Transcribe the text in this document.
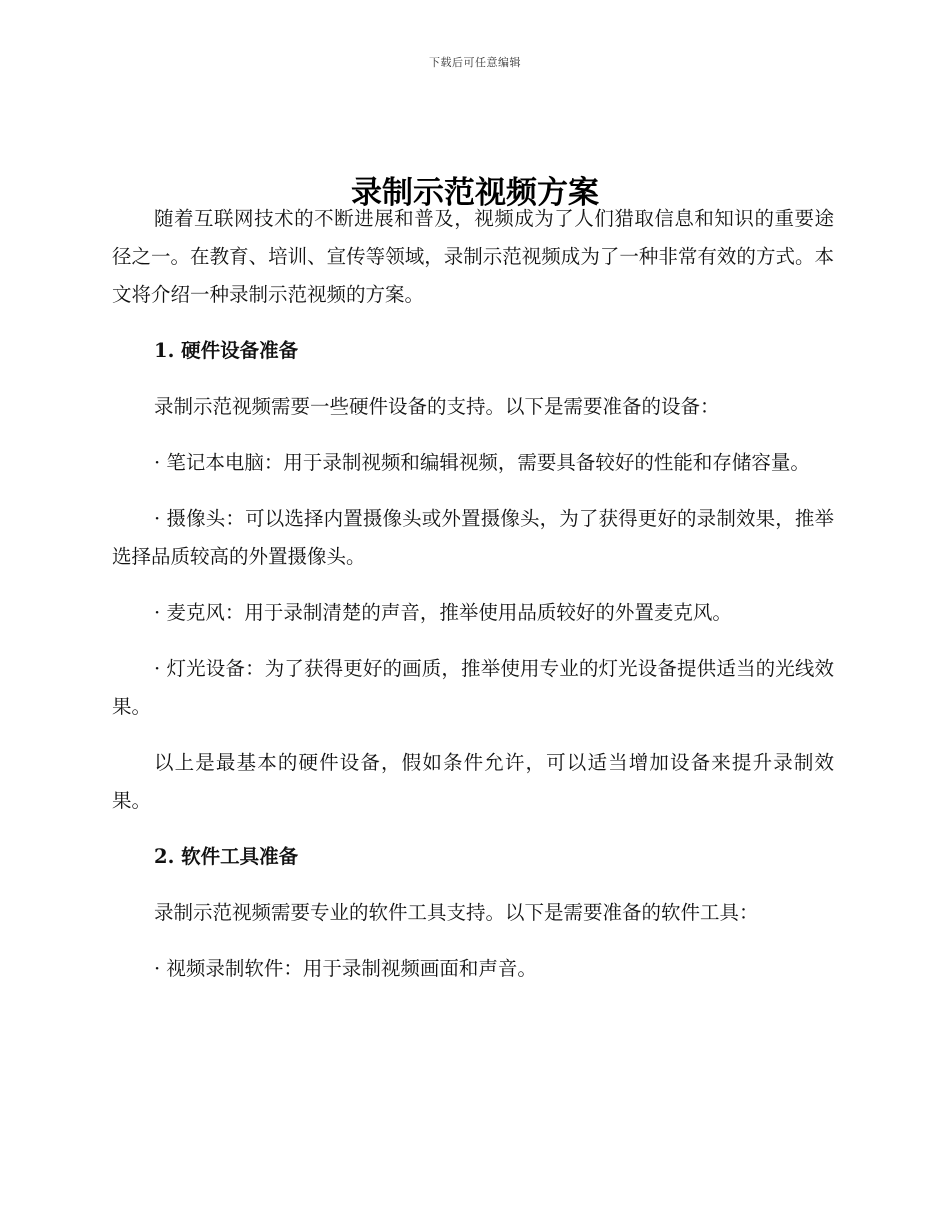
下载后可任意编辑
录制示范视频方案

随着互联网技术的不断进展和普及，视频成为了人们猎取信息和知识的重要途径之一。在教育、培训、宣传等领域，录制示范视频成为了一种非常有效的方式。本文将介绍一种录制示范视频的方案。

1. 硬件设备准备

录制示范视频需要一些硬件设备的支持。以下是需要准备的设备：

· 笔记本电脑：用于录制视频和编辑视频，需要具备较好的性能和存储容量。

· 摄像头：可以选择内置摄像头或外置摄像头，为了获得更好的录制效果，推举选择品质较高的外置摄像头。

· 麦克风：用于录制清楚的声音，推举使用品质较好的外置麦克风。

· 灯光设备：为了获得更好的画质，推举使用专业的灯光设备提供适当的光线效果。

以上是最基本的硬件设备，假如条件允许，可以适当增加设备来提升录制效果。

2. 软件工具准备

录制示范视频需要专业的软件工具支持。以下是需要准备的软件工具：

· 视频录制软件：用于录制视频画面和声音。
